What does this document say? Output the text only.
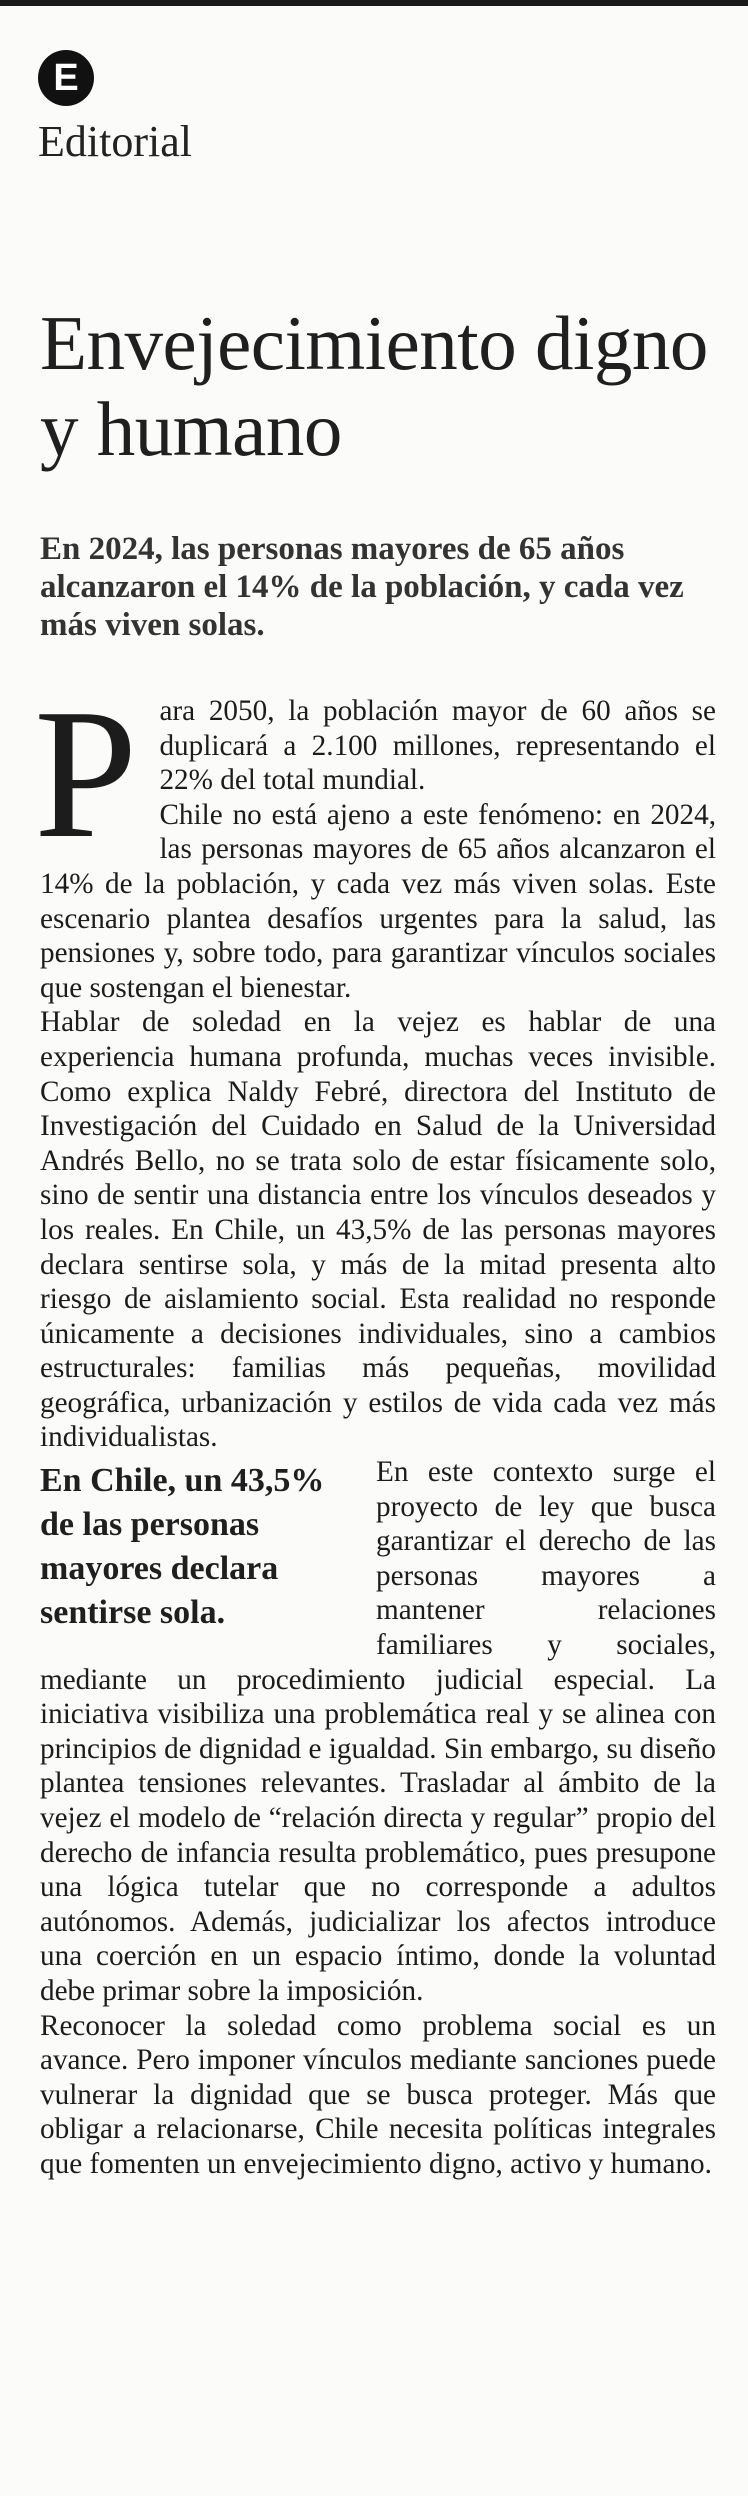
E
Editorial
Envejecimiento digno y humano

En 2024, las personas mayores de 65 años alcanzaron el 14% de la población, y cada vez más viven solas.

Para 2050, la población mayor de 60 años se duplicará a 2.100 millones, representando el 22% del total mundial.

Chile no está ajeno a este fenómeno: en 2024, las personas mayores de 65 años alcanzaron el 14% de la población, y cada vez más viven solas. Este escenario plantea desafíos urgentes para la salud, las pensiones y, sobre todo, para garantizar vínculos sociales que sostengan el bienestar.

Hablar de soledad en la vejez es hablar de una experiencia humana profunda, muchas veces invisible. Como explica Naldy Febré, directora del Instituto de Investigación del Cuidado en Salud de la Universidad Andrés Bello, no se trata solo de estar físicamente solo, sino de sentir una distancia entre los vínculos deseados y los reales. En Chile, un 43,5% de las personas mayores declara sentirse sola, y más de la mitad presenta alto riesgo de aislamiento social. Esta realidad no responde únicamente a decisiones individuales, sino a cambios estructurales: familias más pequeñas, movilidad geográfica, urbanización y estilos de vida cada vez más individualistas.

En Chile, un 43,5% de las personas mayores declara sentirse sola.

En este contexto surge el proyecto de ley que busca garantizar el derecho de las personas mayores a mantener relaciones familiares y sociales, mediante un procedimiento judicial especial. La iniciativa visibiliza una problemática real y se alinea con principios de dignidad e igualdad. Sin embargo, su diseño plantea tensiones relevantes. Trasladar al ámbito de la vejez el modelo de “relación directa y regular” propio del derecho de infancia resulta problemático, pues presupone una lógica tutelar que no corresponde a adultos autónomos. Además, judicializar los afectos introduce una coerción en un espacio íntimo, donde la voluntad debe primar sobre la imposición.

Reconocer la soledad como problema social es un avance. Pero imponer vínculos mediante sanciones puede vulnerar la dignidad que se busca proteger. Más que obligar a relacionarse, Chile necesita políticas integrales que fomenten un envejecimiento digno, activo y humano.
